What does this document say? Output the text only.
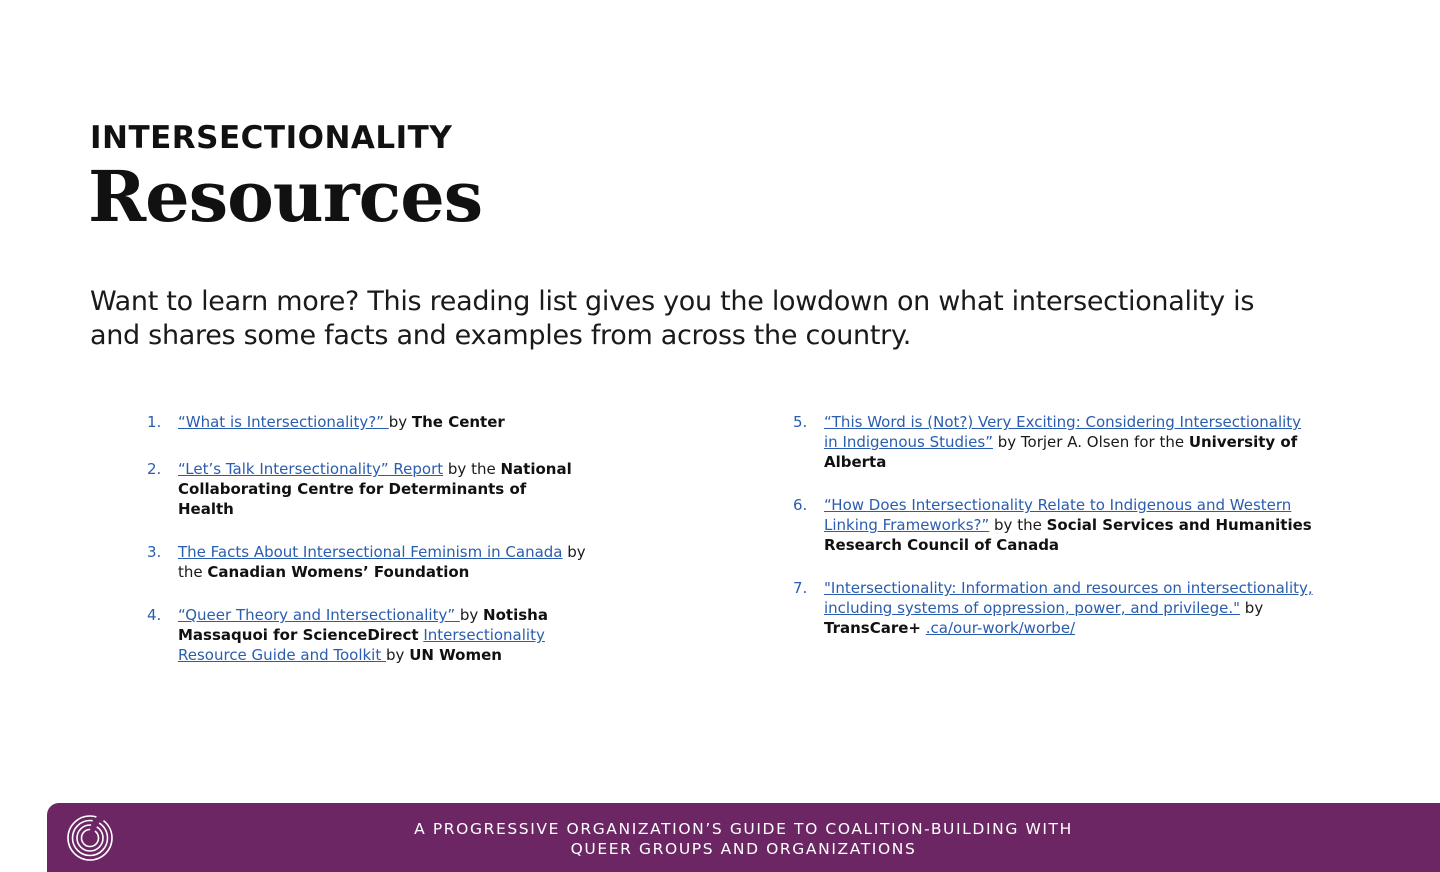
INTERSECTIONALITY
Resources
Want to learn more? This reading list gives you the lowdown on what intersectionality is and shares some facts and examples from across the country.
1. “What is Intersectionality?” by The Center
2. “Let’s Talk Intersectionality” Report by the National Collaborating Centre for Determinants of Health
3. The Facts About Intersectional Feminism in Canada by the Canadian Womens’ Foundation
4. “Queer Theory and Intersectionality” by Notisha Massaquoi for ScienceDirect Intersectionality Resource Guide and Toolkit by UN Women
5. “This Word is (Not?) Very Exciting: Considering Intersectionality in Indigenous Studies” by Torjer A. Olsen for the University of Alberta
6. “How Does Intersectionality Relate to Indigenous and Western Linking Frameworks?” by the Social Services and Humanities Research Council of Canada
7. "Intersectionality: Information and resources on intersectionality, including systems of oppression, power, and privilege." by TransCare+ .ca/our-work/worbe/
A PROGRESSIVE ORGANIZATION’S GUIDE TO COALITION-BUILDING WITH
QUEER GROUPS AND ORGANIZATIONS
